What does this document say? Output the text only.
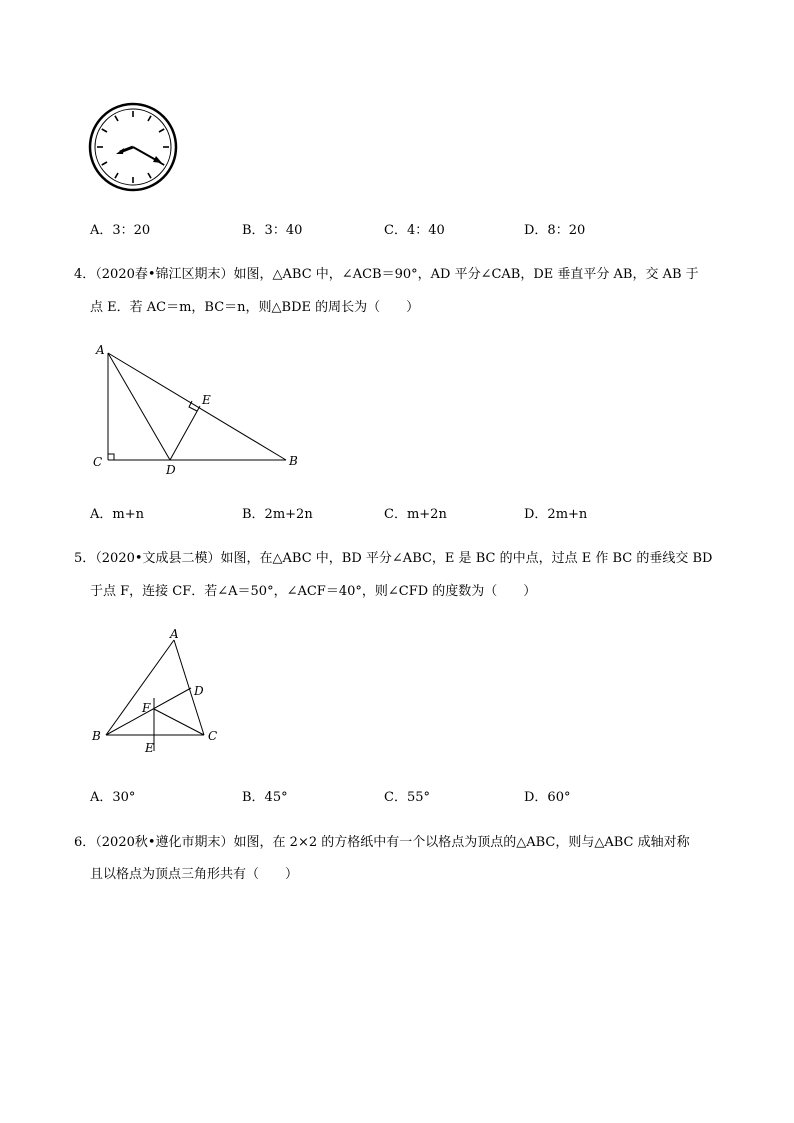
A．3：20	B．3：40	C．4：40	D．8：20
4．（2020春•锦江区期末）如图，△ABC 中，∠ACB＝90°，AD 平分∠CAB，DE 垂直平分 AB，交 AB 于
点 E．若 AC＝m，BC＝n，则△BDE 的周长为（　　）
A
C
D
E
B
A．m+n	B．2m+2n	C．m+2n	D．2m+n
5．（2020•文成县二模）如图，在△ABC 中，BD 平分∠ABC，E 是 BC 的中点，过点 E 作 BC 的垂线交 BD
于点 F，连接 CF．若∠A＝50°，∠ACF＝40°，则∠CFD 的度数为（　　）
A
D
F
B	C
E
A．30°	B．45°	C．55°	D．60°
6．（2020秋•遵化市期末）如图，在 2×2 的方格纸中有一个以格点为顶点的△ABC，则与△ABC 成轴对称
且以格点为顶点三角形共有（　　）
